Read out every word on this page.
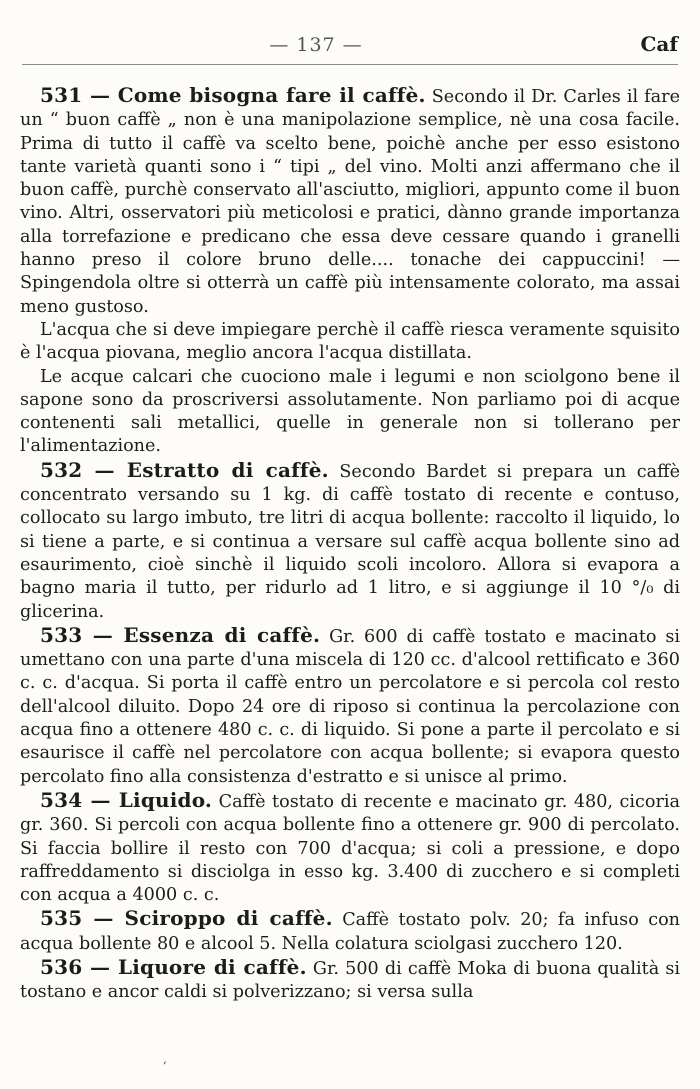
— 137 —	Caf

531 — Come bisogna fare il caffè. Secondo il Dr. Carles il fare un “ buon caffè „ non è una manipolazione semplice, nè una cosa facile. Prima di tutto il caffè va scelto bene, poichè anche per esso esistono tante varietà quanti sono i “ tipi „ del vino. Molti anzi affermano che il buon caffè, purchè conservato all'asciutto, migliori, appunto come il buon vino. Altri, osservatori più meticolosi e pratici, dànno grande importanza alla torrefazione e predicano che essa deve cessare quando i granelli hanno preso il colore bruno delle.... tonache dei cappuccini! — Spingendola oltre si otterrà un caffè più intensamente colorato, ma assai meno gustoso.

L'acqua che si deve impiegare perchè il caffè riesca veramente squisito è l'acqua piovana, meglio ancora l'acqua distillata.

Le acque calcari che cuociono male i legumi e non sciolgono bene il sapone sono da proscriversi assolutamente. Non parliamo poi di acque contenenti sali metallici, quelle in generale non si tollerano per l'alimentazione.

532 — Estratto di caffè. Secondo Bardet si prepara un caffè concentrato versando su 1 kg. di caffè tostato di recente e contuso, collocato su largo imbuto, tre litri di acqua bollente: raccolto il liquido, lo si tiene a parte, e si continua a versare sul caffè acqua bollente sino ad esaurimento, cioè sinchè il liquido scoli incoloro. Allora si evapora a bagno maria il tutto, per ridurlo ad 1 litro, e si aggiunge il 10 °/₀ di glicerina.

533 — Essenza di caffè. Gr. 600 di caffè tostato e macinato si umettano con una parte d'una miscela di 120 cc. d'alcool rettificato e 360 c. c. d'acqua. Si porta il caffè entro un percolatore e si percola col resto dell'alcool diluito. Dopo 24 ore di riposo si continua la percolazione con acqua fino a ottenere 480 c. c. di liquido. Si pone a parte il percolato e si esaurisce il caffè nel percolatore con acqua bollente; si evapora questo percolato fino alla consistenza d'estratto e si unisce al primo.

534 — Liquido. Caffè tostato di recente e macinato gr. 480, cicoria gr. 360. Si percoli con acqua bollente fino a ottenere gr. 900 di percolato. Si faccia bollire il resto con 700 d'acqua; si coli a pressione, e dopo raffreddamento si disciolga in esso kg. 3.400 di zucchero e si completi con acqua a 4000 c. c.

535 — Sciroppo di caffè. Caffè tostato polv. 20; fa infuso con acqua bollente 80 e alcool 5. Nella colatura sciolgasi zucchero 120.

536 — Liquore di caffè. Gr. 500 di caffè Moka di buona qualità si tostano e ancor caldi si polverizzano; si versa sulla

,
